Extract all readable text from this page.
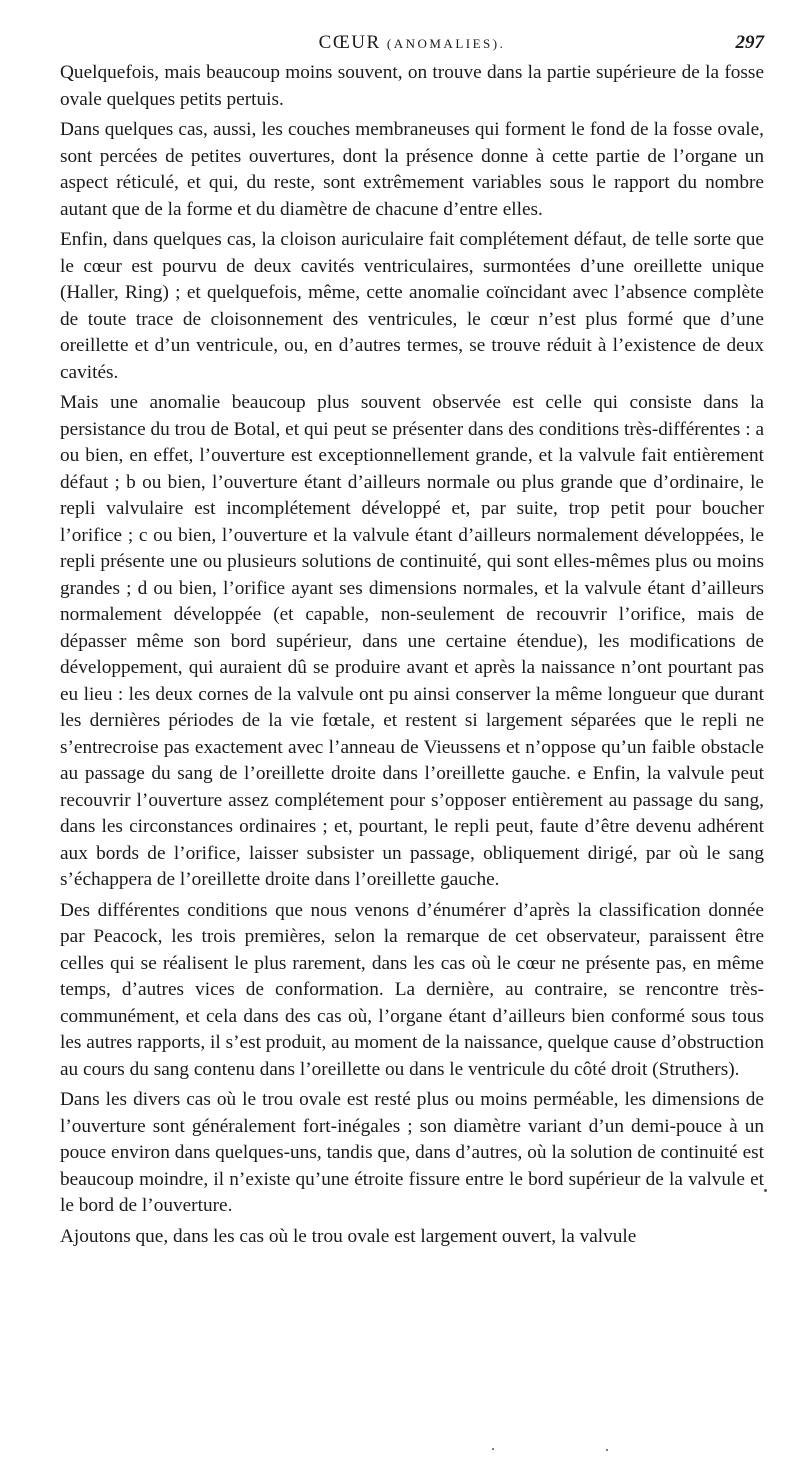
CŒUR (ANOMALIES).	297

Quelquefois, mais beaucoup moins souvent, on trouve dans la partie supérieure de la fosse ovale quelques petits pertuis.

Dans quelques cas, aussi, les couches membraneuses qui forment le fond de la fosse ovale, sont percées de petites ouvertures, dont la présence donne à cette partie de l’organe un aspect réticulé, et qui, du reste, sont extrêmement variables sous le rapport du nombre autant que de la forme et du diamètre de chacune d’entre elles.

Enfin, dans quelques cas, la cloison auriculaire fait complétement défaut, de telle sorte que le cœur est pourvu de deux cavités ventriculaires, surmontées d’une oreillette unique (Haller, Ring) ; et quelquefois, même, cette anomalie coïncidant avec l’absence complète de toute trace de cloisonnement des ventricules, le cœur n’est plus formé que d’une oreillette et d’un ventricule, ou, en d’autres termes, se trouve réduit à l’existence de deux cavités.

Mais une anomalie beaucoup plus souvent observée est celle qui consiste dans la persistance du trou de Botal, et qui peut se présenter dans des conditions très-différentes : a ou bien, en effet, l’ouverture est exceptionnellement grande, et la valvule fait entièrement défaut ; b ou bien, l’ouverture étant d’ailleurs normale ou plus grande que d’ordinaire, le repli valvulaire est incomplétement développé et, par suite, trop petit pour boucher l’orifice ; c ou bien, l’ouverture et la valvule étant d’ailleurs normalement développées, le repli présente une ou plusieurs solutions de continuité, qui sont elles-mêmes plus ou moins grandes ; d ou bien, l’orifice ayant ses dimensions normales, et la valvule étant d’ailleurs normalement développée (et capable, non-seulement de recouvrir l’orifice, mais de dépasser même son bord supérieur, dans une certaine étendue), les modifications de développement, qui auraient dû se produire avant et après la naissance n’ont pourtant pas eu lieu : les deux cornes de la valvule ont pu ainsi conserver la même longueur que durant les dernières périodes de la vie fœtale, et restent si largement séparées que le repli ne s’entrecroise pas exactement avec l’anneau de Vieussens et n’oppose qu’un faible obstacle au passage du sang de l’oreillette droite dans l’oreillette gauche. e Enfin, la valvule peut recouvrir l’ouverture assez complétement pour s’opposer entièrement au passage du sang, dans les circonstances ordinaires ; et, pourtant, le repli peut, faute d’être devenu adhérent aux bords de l’orifice, laisser subsister un passage, obliquement dirigé, par où le sang s’échappera de l’oreillette droite dans l’oreillette gauche.

Des différentes conditions que nous venons d’énumérer d’après la classification donnée par Peacock, les trois premières, selon la remarque de cet observateur, paraissent être celles qui se réalisent le plus rarement, dans les cas où le cœur ne présente pas, en même temps, d’autres vices de conformation. La dernière, au contraire, se rencontre très-communément, et cela dans des cas où, l’organe étant d’ailleurs bien conformé sous tous les autres rapports, il s’est produit, au moment de la naissance, quelque cause d’obstruction au cours du sang contenu dans l’oreillette ou dans le ventricule du côté droit (Struthers).

Dans les divers cas où le trou ovale est resté plus ou moins perméable, les dimensions de l’ouverture sont généralement fort-inégales ; son diamètre variant d’un demi-pouce à un pouce environ dans quelques-uns, tandis que, dans d’autres, où la solution de continuité est beaucoup moindre, il n’existe qu’une étroite fissure entre le bord supérieur de la valvule et le bord de l’ouverture.

Ajoutons que, dans les cas où le trou ovale est largement ouvert, la valvule
